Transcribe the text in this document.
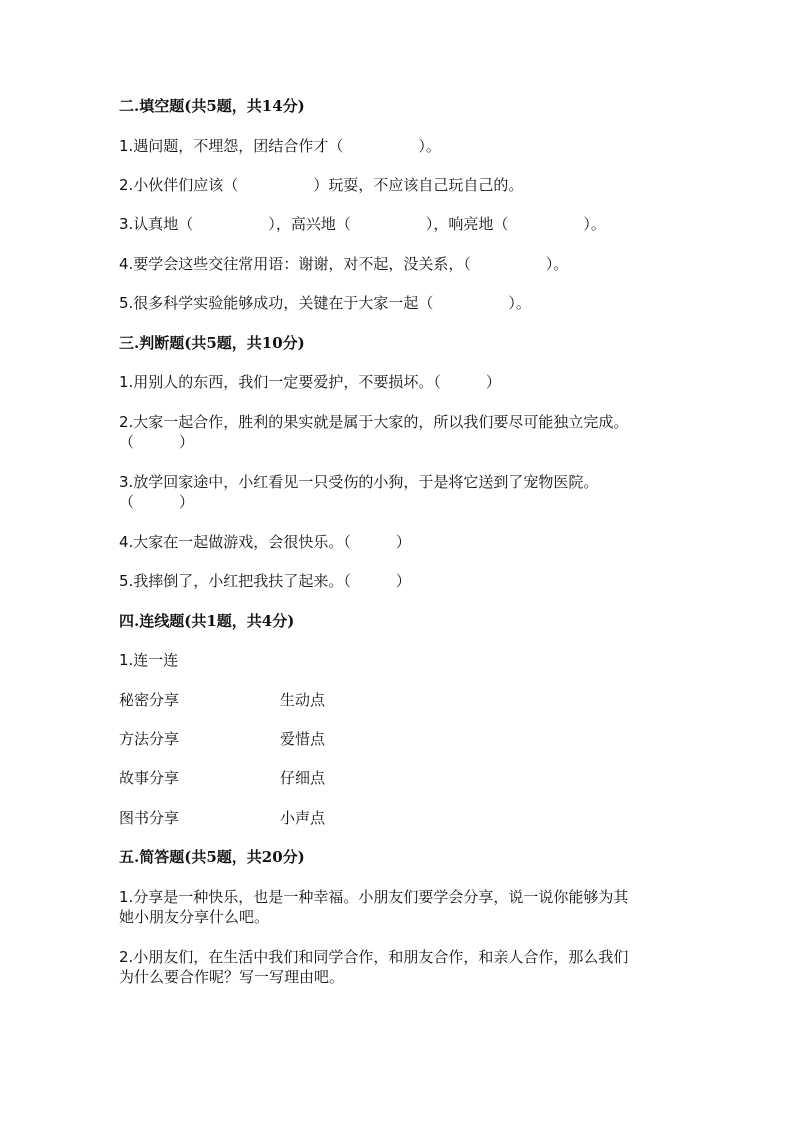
二.填空题(共5题，共14分)
1.遇问题，不埋怨，团结合作才（　　　　　）。
2.小伙伴们应该（　　　　　）玩耍，不应该自己玩自己的。
3.认真地（　　　　　），高兴地（　　　　　），响亮地（　　　　　）。
4.要学会这些交往常用语：谢谢，对不起，没关系，（　　　　　）。
5.很多科学实验能够成功，关键在于大家一起（　　　　　）。
三.判断题(共5题，共10分)
1.用别人的东西，我们一定要爱护，不要损坏。（　　　）
2.大家一起合作，胜利的果实就是属于大家的，所以我们要尽可能独立完成。
（　　　）
3.放学回家途中，小红看见一只受伤的小狗，于是将它送到了宠物医院。
（　　　）
4.大家在一起做游戏，会很快乐。（　　　）
5.我摔倒了，小红把我扶了起来。（　　　）
四.连线题(共1题，共4分)
1.连一连
秘密分享	生动点
方法分享	爱惜点
故事分享	仔细点
图书分享	小声点
五.简答题(共5题，共20分)
1.分享是一种快乐，也是一种幸福。小朋友们要学会分享，说一说你能够为其
她小朋友分享什么吧。
2.小朋友们，在生活中我们和同学合作，和朋友合作，和亲人合作，那么我们
为什么要合作呢？写一写理由吧。
